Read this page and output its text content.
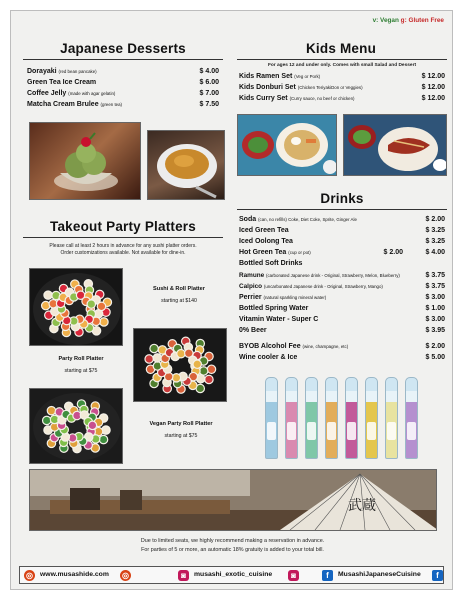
v: Vegan g: Gluten Free
Japanese Desserts
Dorayaki (red bean pancake)	$ 4.00
Green Tea Ice Cream	$ 6.00
Coffee Jelly (made with agar gelatin)	$ 7.00
Matcha Cream Brulee (green tea)	$ 7.50
Kids Menu
For ages 12 and under only. Comes with small Salad and Dessert
Kids Ramen Set (Veg or Pork)	$ 12.00
Kids Donburi Set (Chicken TeriyakiDon or Veggies)	$ 12.00
Kids Curry Set (Curry sauce, no beef or chicken)	$ 12.00
Drinks
Soda (can, no refills) Coke, Diet Coke, Sprite, Ginger Ale	$ 2.00
Iced Green Tea	$ 3.25
Iced Oolong Tea	$ 3.25
Hot Green Tea (cup or pot)	$ 2.00	$ 4.00
Bottled Soft Drinks
Ramune (carbonated Japanese drink - Original, Strawberry, Melon, Blueberry)	$ 3.75
Calpico (uncarbonated Japanese drink - Original, Strawberry, Mango)	$ 3.75
Perrier (natural sparkling mineral water)	$ 3.00
Bottled Spring Water	$ 1.00
Vitamin Water - Super C	$ 3.00
0% Beer	$ 3.95
BYOB Alcohol Fee (wine, champagne, etc)	$ 2.00
Wine cooler & Ice	$ 5.00
Takeout Party Platters
Please call at least 2 hours in advance for any sushi platter orders.
Order customizations available. Not available for dine-in.
Sushi & Roll Platter
starting at $140
Party Roll Platter
starting at $75
Vegan Party Roll Platter
starting at $75
武蔵
Due to limited seats, we highly recommend making a reservation in advance.
For parties of 5 or more, an automatic 18% gratuity is added to your total bill.
◎ www.musashide.com ◎	◙	musashi_exotic_cuisine	◙	f	MusashiJapaneseCuisine	f
